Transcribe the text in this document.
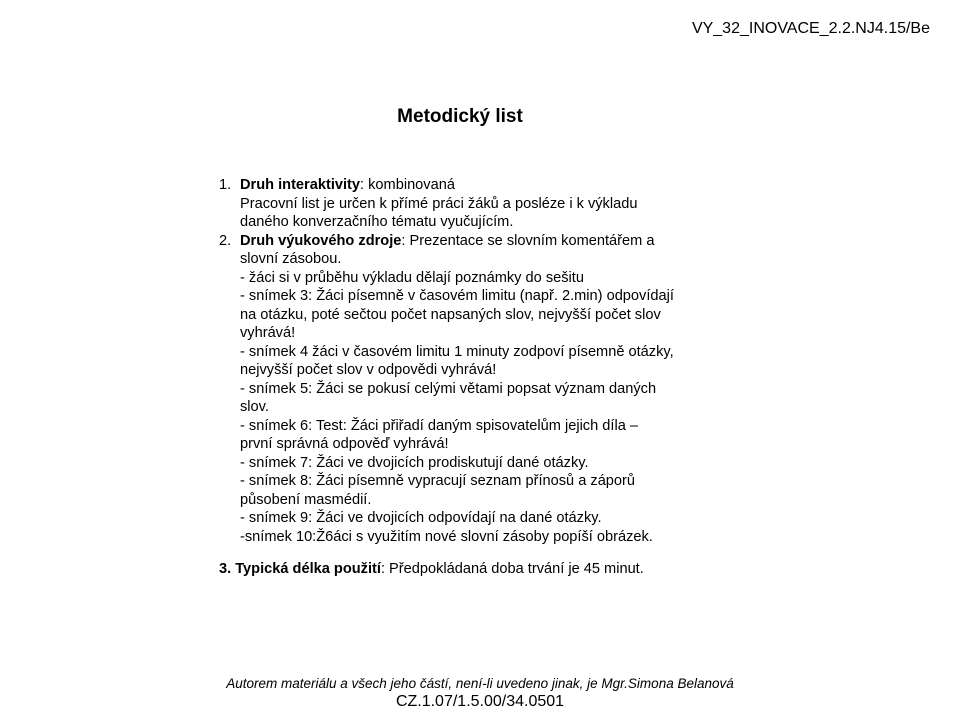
VY_32_INOVACE_2.2.NJ4.15/Be
Metodický list
1. Druh interaktivity: kombinovaná
Pracovní list je určen k přímé práci žáků a posléze i k výkladu
daného konverzačního tématu vyučujícím.
2. Druh výukového zdroje: Prezentace se slovním komentářem a
slovní zásobou.
- žáci si v průběhu výkladu dělají poznámky do sešitu
- snímek 3: Žáci písemně v časovém limitu (např. 2.min) odpovídají
na otázku, poté sečtou počet napsaných slov, nejvyšší počet slov
vyhrává!
- snímek 4 žáci v časovém limitu 1 minuty zodpoví písemně otázky,
nejvyšší počet slov v odpovědi vyhrává!
- snímek 5: Žáci se pokusí celými větami popsat význam daných
slov.
- snímek 6: Test: Žáci přiřadí daným spisovatelům jejich díla –
první správná odpověď vyhrává!
- snímek 7: Žáci ve dvojicích prodiskutují dané otázky.
- snímek 8: Žáci písemně vypracují seznam přínosů a záporů
působení masmédií.
- snímek 9: Žáci ve dvojicích odpovídají na dané otázky.
-snímek 10:Ž6áci s využitím nové slovní zásoby popíší obrázek.
3. Typická délka použití: Předpokládaná doba trvání je 45 minut.
Autorem materiálu a všech jeho částí, není-li uvedeno jinak, je Mgr.Simona Belanová
CZ.1.07/1.5.00/34.0501
